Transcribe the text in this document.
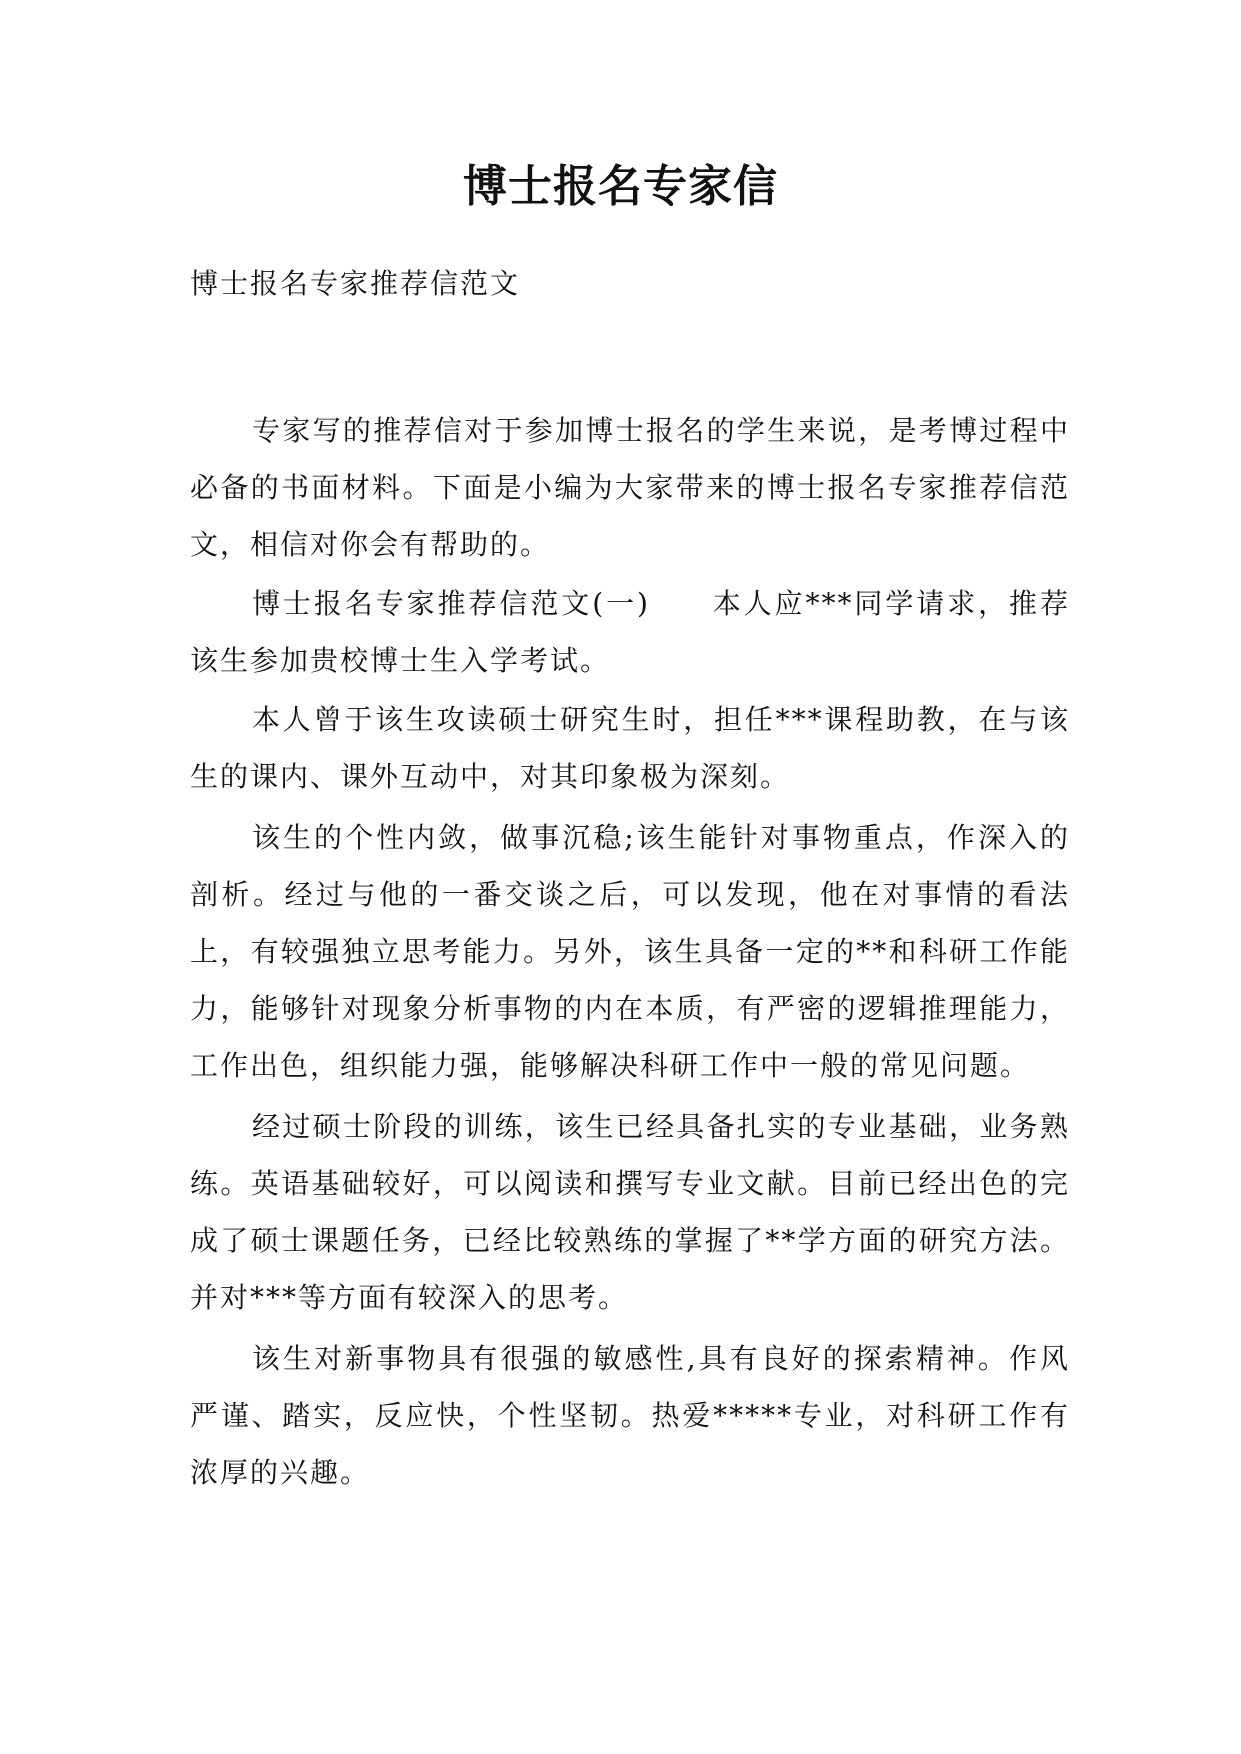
博士报名专家信

博士报名专家推荐信范文

专家写的推荐信对于参加博士报名的学生来说，是考博过程中必备的书面材料。下面是小编为大家带来的博士报名专家推荐信范文，相信对你会有帮助的。

博士报名专家推荐信范文(一)　　本人应***同学请求，推荐该生参加贵校博士生入学考试。

本人曾于该生攻读硕士研究生时，担任***课程助教，在与该生的课内、课外互动中，对其印象极为深刻。

该生的个性内敛，做事沉稳;该生能针对事物重点，作深入的剖析。经过与他的一番交谈之后，可以发现，他在对事情的看法上，有较强独立思考能力。另外，该生具备一定的**和科研工作能力，能够针对现象分析事物的内在本质，有严密的逻辑推理能力，工作出色，组织能力强，能够解决科研工作中一般的常见问题。

经过硕士阶段的训练，该生已经具备扎实的专业基础，业务熟练。英语基础较好，可以阅读和撰写专业文献。目前已经出色的完成了硕士课题任务，已经比较熟练的掌握了**学方面的研究方法。并对***等方面有较深入的思考。

该生对新事物具有很强的敏感性,具有良好的探索精神。作风严谨、踏实，反应快，个性坚韧。热爱*****专业，对科研工作有浓厚的兴趣。
